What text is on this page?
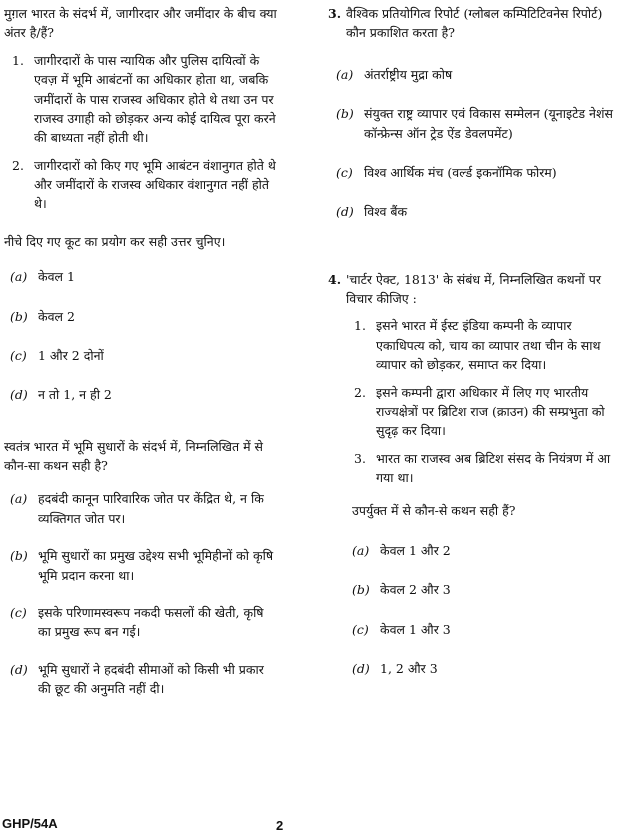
मुग़ल भारत के संदर्भ में, जागीरदार और जमींदार के बीच क्या अंतर है/हैं?

1. जागीरदारों के पास न्यायिक और पुलिस दायित्वों के एवज़ में भूमि आबंटनों का अधिकार होता था, जबकि जमींदारों के पास राजस्व अधिकार होते थे तथा उन पर राजस्व उगाही को छोड़कर अन्य कोई दायित्व पूरा करने की बाध्यता नहीं होती थी।
2. जागीरदारों को किए गए भूमि आबंटन वंशानुगत होते थे और जमींदारों के राजस्व अधिकार वंशानुगत नहीं होते थे।

नीचे दिए गए कूट का प्रयोग कर सही उत्तर चुनिए।

(a) केवल 1
(b) केवल 2
(c) 1 और 2 दोनों
(d) न तो 1, न ही 2

स्वतंत्र भारत में भूमि सुधारों के संदर्भ में, निम्नलिखित में से कौन-सा कथन सही है?

(a) हदबंदी कानून पारिवारिक जोत पर केंद्रित थे, न कि व्यक्तिगत जोत पर।
(b) भूमि सुधारों का प्रमुख उद्देश्य सभी भूमिहीनों को कृषि भूमि प्रदान करना था।
(c) इसके परिणामस्वरूप नकदी फसलों की खेती, कृषि का प्रमुख रूप बन गई।
(d) भूमि सुधारों ने हदबंदी सीमाओं को किसी भी प्रकार की छूट की अनुमति नहीं दी।
3. वैश्विक प्रतियोगित्व रिपोर्ट (ग्लोबल कम्पिटिटिवनेस रिपोर्ट) कौन प्रकाशित करता है?

(a) अंतर्राष्ट्रीय मुद्रा कोष
(b) संयुक्त राष्ट्र व्यापार एवं विकास सम्मेलन (यूनाइटेड नेशंस कॉन्फ्रेन्स ऑन ट्रेड ऐंड डेवलपमेंट)
(c) विश्व आर्थिक मंच (वर्ल्ड इकनॉमिक फोरम)
(d) विश्व बैंक
4. 'चार्टर ऐक्ट, 1813' के संबंध में, निम्नलिखित कथनों पर विचार कीजिए :

1. इसने भारत में ईस्ट इंडिया कम्पनी के व्यापार एकाधिपत्य को, चाय का व्यापार तथा चीन के साथ व्यापार को छोड़कर, समाप्त कर दिया।
2. इसने कम्पनी द्वारा अधिकार में लिए गए भारतीय राज्यक्षेत्रों पर ब्रिटिश राज (क्राउन) की सम्प्रभुता को सुदृढ़ कर दिया।
3. भारत का राजस्व अब ब्रिटिश संसद के नियंत्रण में आ गया था।

उपर्युक्त में से कौन-से कथन सही हैं?

(a) केवल 1 और 2
(b) केवल 2 और 3
(c) केवल 1 और 3
(d) 1, 2 और 3
GHP/54A	2
